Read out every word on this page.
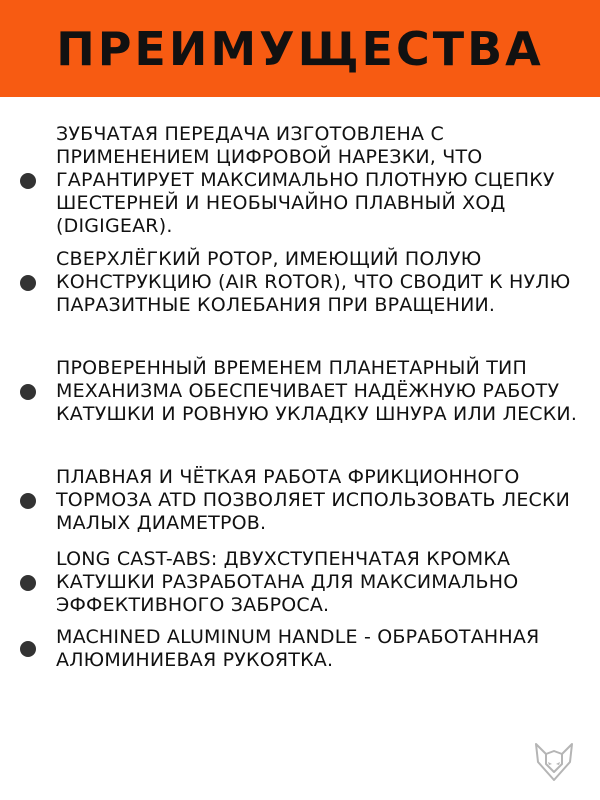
ПРЕИМУЩЕСТВА
ЗУБЧАТАЯ ПЕРЕДАЧА ИЗГОТОВЛЕНА С ПРИМЕНЕНИЕМ ЦИФРОВОЙ НАРЕЗКИ, ЧТО ГАРАНТИРУЕТ МАКСИМАЛЬНО ПЛОТНУЮ СЦЕПКУ ШЕСТЕРНЕЙ И НЕОБЫЧАЙНО ПЛАВНЫЙ ХОД (DIGIGEAR).
СВЕРХЛЁГКИЙ РОТОР, ИМЕЮЩИЙ ПОЛУЮ КОНСТРУКЦИЮ (AIR ROTOR), ЧТО СВОДИТ К НУЛЮ ПАРАЗИТНЫЕ КОЛЕБАНИЯ ПРИ ВРАЩЕНИИ.
ПРОВЕРЕННЫЙ ВРЕМЕНЕМ ПЛАНЕТАРНЫЙ ТИП МЕХАНИЗМА ОБЕСПЕЧИВАЕТ НАДЁЖНУЮ РАБОТУ КАТУШКИ И РОВНУЮ УКЛАДКУ ШНУРА ИЛИ ЛЕСКИ.
ПЛАВНАЯ И ЧЁТКАЯ РАБОТА ФРИКЦИОННОГО ТОРМОЗА ATD ПОЗВОЛЯЕТ ИСПОЛЬЗОВАТЬ ЛЕСКИ МАЛЫХ ДИАМЕТРОВ.
LONG CAST-ABS: ДВУХСТУПЕНЧАТАЯ КРОМКА КАТУШКИ РАЗРАБОТАНА ДЛЯ МАКСИМАЛЬНО ЭФФЕКТИВНОГО ЗАБРОСА.
MACHINED ALUMINUM HANDLE - ОБРАБОТАННАЯ АЛЮМИНИЕВАЯ РУКОЯТКА.
